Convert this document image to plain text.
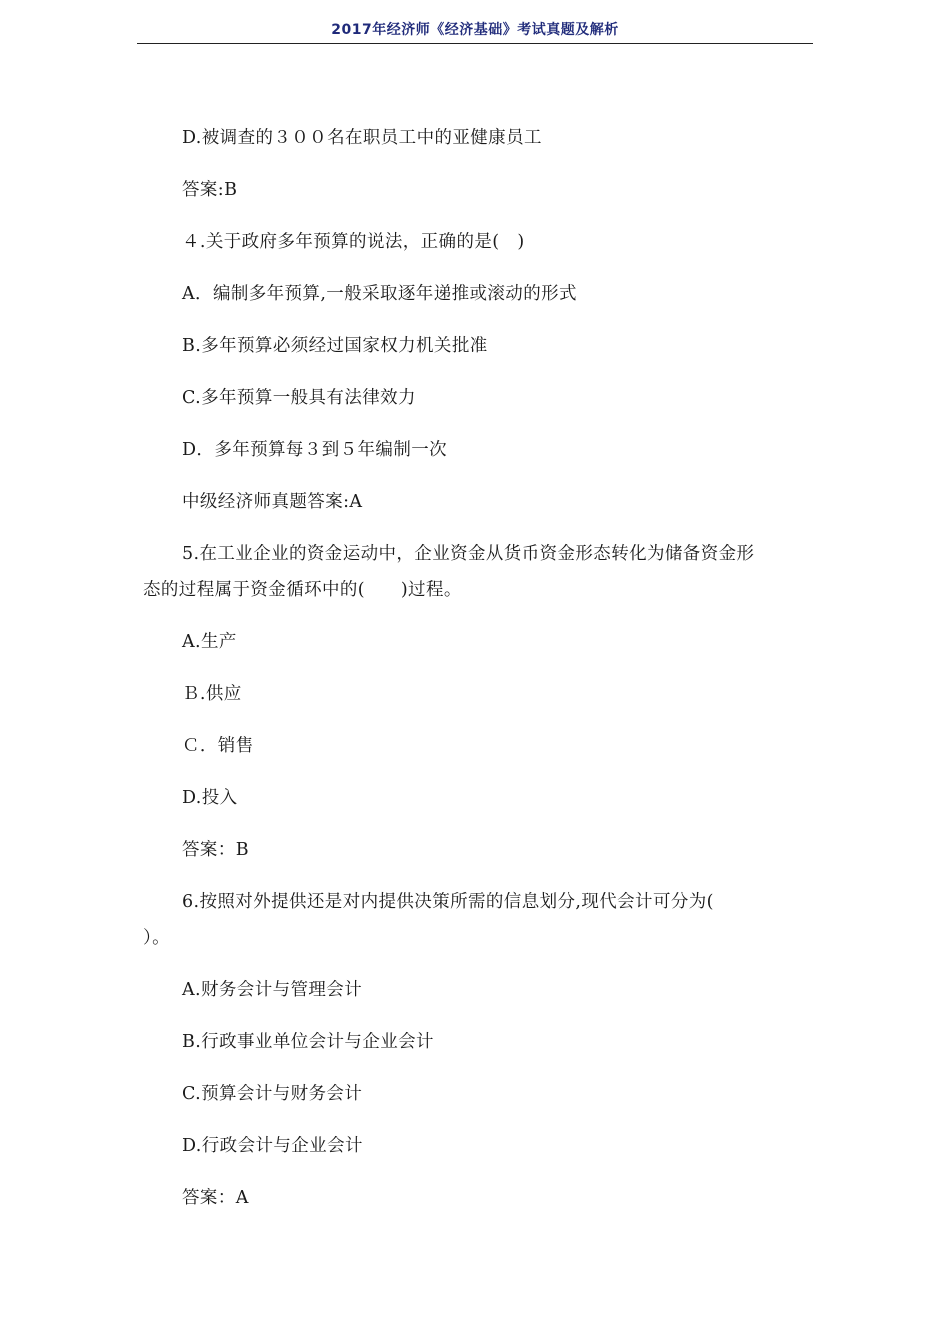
2017年经济师《经济基础》考试真题及解析
D.被调查的３００名在职员工中的亚健康员工
答案:B
４.关于政府多年预算的说法，正确的是(　)
A．编制多年预算,一般采取逐年递推或滚动的形式
B.多年预算必须经过国家权力机关批准
C.多年预算一般具有法律效力
D．多年预算每３到５年编制一次
中级经济师真题答案:A
5.在工业企业的资金运动中，企业资金从货币资金形态转化为储备资金形
态的过程属于资金循环中的(　　)过程。
A.生产
Ｂ.供应
Ｃ．销售
D.投入
答案：B
6.按照对外提供还是对内提供决策所需的信息划分,现代会计可分为(
）。
A.财务会计与管理会计
B.行政事业单位会计与企业会计
C.预算会计与财务会计
D.行政会计与企业会计
答案：A
